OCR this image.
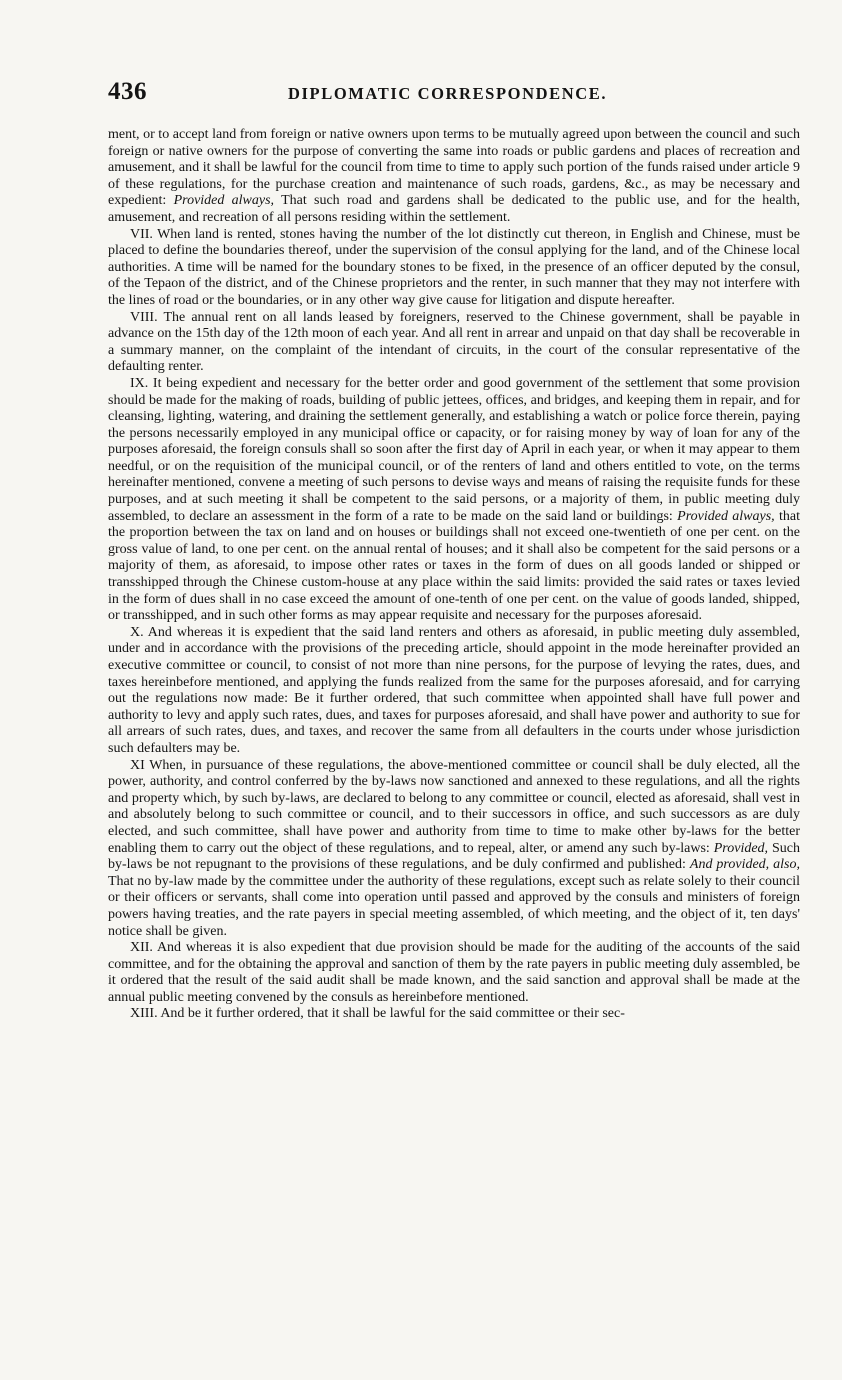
436	DIPLOMATIC CORRESPONDENCE.

ment, or to accept land from foreign or native owners upon terms to be mutually agreed upon between the council and such foreign or native owners for the purpose of converting the same into roads or public gardens and places of recreation and amusement, and it shall be lawful for the council from time to time to apply such portion of the funds raised under article 9 of these regulations, for the purchase creation and maintenance of such roads, gardens, &c., as may be necessary and expedient: Provided always, That such road and gardens shall be dedicated to the public use, and for the health, amusement, and recreation of all persons residing within the settlement.

VII. When land is rented, stones having the number of the lot distinctly cut thereon, in English and Chinese, must be placed to define the boundaries thereof, under the supervision of the consul applying for the land, and of the Chinese local authorities. A time will be named for the boundary stones to be fixed, in the presence of an officer deputed by the consul, of the Tepaon of the district, and of the Chinese proprietors and the renter, in such manner that they may not interfere with the lines of road or the boundaries, or in any other way give cause for litigation and dispute hereafter.

VIII. The annual rent on all lands leased by foreigners, reserved to the Chinese government, shall be payable in advance on the 15th day of the 12th moon of each year. And all rent in arrear and unpaid on that day shall be recoverable in a summary manner, on the complaint of the intendant of circuits, in the court of the consular representative of the defaulting renter.

IX. It being expedient and necessary for the better order and good government of the settlement that some provision should be made for the making of roads, building of public jettees, offices, and bridges, and keeping them in repair, and for cleansing, lighting, watering, and draining the settlement generally, and establishing a watch or police force therein, paying the persons necessarily employed in any municipal office or capacity, or for raising money by way of loan for any of the purposes aforesaid, the foreign consuls shall so soon after the first day of April in each year, or when it may appear to them needful, or on the requisition of the municipal council, or of the renters of land and others entitled to vote, on the terms hereinafter mentioned, convene a meeting of such persons to devise ways and means of raising the requisite funds for these purposes, and at such meeting it shall be competent to the said persons, or a majority of them, in public meeting duly assembled, to declare an assessment in the form of a rate to be made on the said land or buildings: Provided always, that the proportion between the tax on land and on houses or buildings shall not exceed one-twentieth of one per cent. on the gross value of land, to one per cent. on the annual rental of houses; and it shall also be competent for the said persons or a majority of them, as aforesaid, to impose other rates or taxes in the form of dues on all goods landed or shipped or transshipped through the Chinese custom-house at any place within the said limits: provided the said rates or taxes levied in the form of dues shall in no case exceed the amount of one-tenth of one per cent. on the value of goods landed, shipped, or transshipped, and in such other forms as may appear requisite and necessary for the purposes aforesaid.

X. And whereas it is expedient that the said land renters and others as aforesaid, in public meeting duly assembled, under and in accordance with the provisions of the preceding article, should appoint in the mode hereinafter provided an executive committee or council, to consist of not more than nine persons, for the purpose of levying the rates, dues, and taxes hereinbefore mentioned, and applying the funds realized from the same for the purposes aforesaid, and for carrying out the regulations now made: Be it further ordered, that such committee when appointed shall have full power and authority to levy and apply such rates, dues, and taxes for purposes aforesaid, and shall have power and authority to sue for all arrears of such rates, dues, and taxes, and recover the same from all defaulters in the courts under whose jurisdiction such defaulters may be.

XI When, in pursuance of these regulations, the above-mentioned committee or council shall be duly elected, all the power, authority, and control conferred by the by-laws now sanctioned and annexed to these regulations, and all the rights and property which, by such by-laws, are declared to belong to any committee or council, elected as aforesaid, shall vest in and absolutely belong to such committee or council, and to their successors in office, and such successors as are duly elected, and such committee, shall have power and authority from time to time to make other by-laws for the better enabling them to carry out the object of these regulations, and to repeal, alter, or amend any such by-laws: Provided, Such by-laws be not repugnant to the provisions of these regulations, and be duly confirmed and published: And provided, also, That no by-law made by the committee under the authority of these regulations, except such as relate solely to their council or their officers or servants, shall come into operation until passed and approved by the consuls and ministers of foreign powers having treaties, and the rate payers in special meeting assembled, of which meeting, and the object of it, ten days' notice shall be given.

XII. And whereas it is also expedient that due provision should be made for the auditing of the accounts of the said committee, and for the obtaining the approval and sanction of them by the rate payers in public meeting duly assembled, be it ordered that the result of the said audit shall be made known, and the said sanction and approval shall be made at the annual public meeting convened by the consuls as hereinbefore mentioned.

XIII. And be it further ordered, that it shall be lawful for the said committee or their sec-
